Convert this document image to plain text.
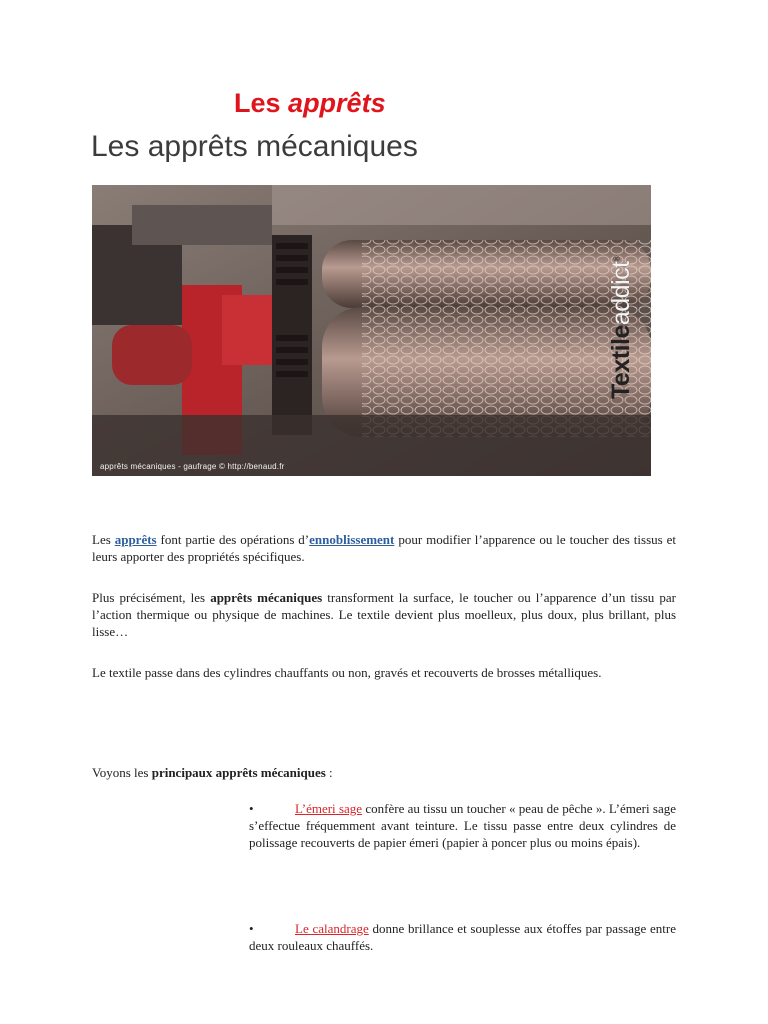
Les apprêts
Les apprêts mécaniques
apprêts mécaniques - gaufrage © http://benaud.fr
Textileaddict®

Les apprêts font partie des opérations d’ennoblissement pour modifier l’apparence ou le toucher des tissus et leurs apporter des propriétés spécifiques.

Plus précisément, les apprêts mécaniques transforment la surface, le toucher ou l’apparence d’un tissu par l’action thermique ou physique de machines. Le textile devient plus moelleux, plus doux, plus brillant, plus lisse…

Le textile passe dans des cylindres chauffants ou non, gravés et recouverts de brosses métalliques.

Voyons les principaux apprêts mécaniques :

•	L’émeri sage confère au tissu un toucher « peau de pêche ». L’émeri sage s’effectue fréquemment avant teinture. Le tissu passe entre deux cylindres de polissage recouverts de papier émeri (papier à poncer plus ou moins épais).

•	Le calandrage donne brillance et souplesse aux étoffes par passage entre deux rouleaux chauffés.
